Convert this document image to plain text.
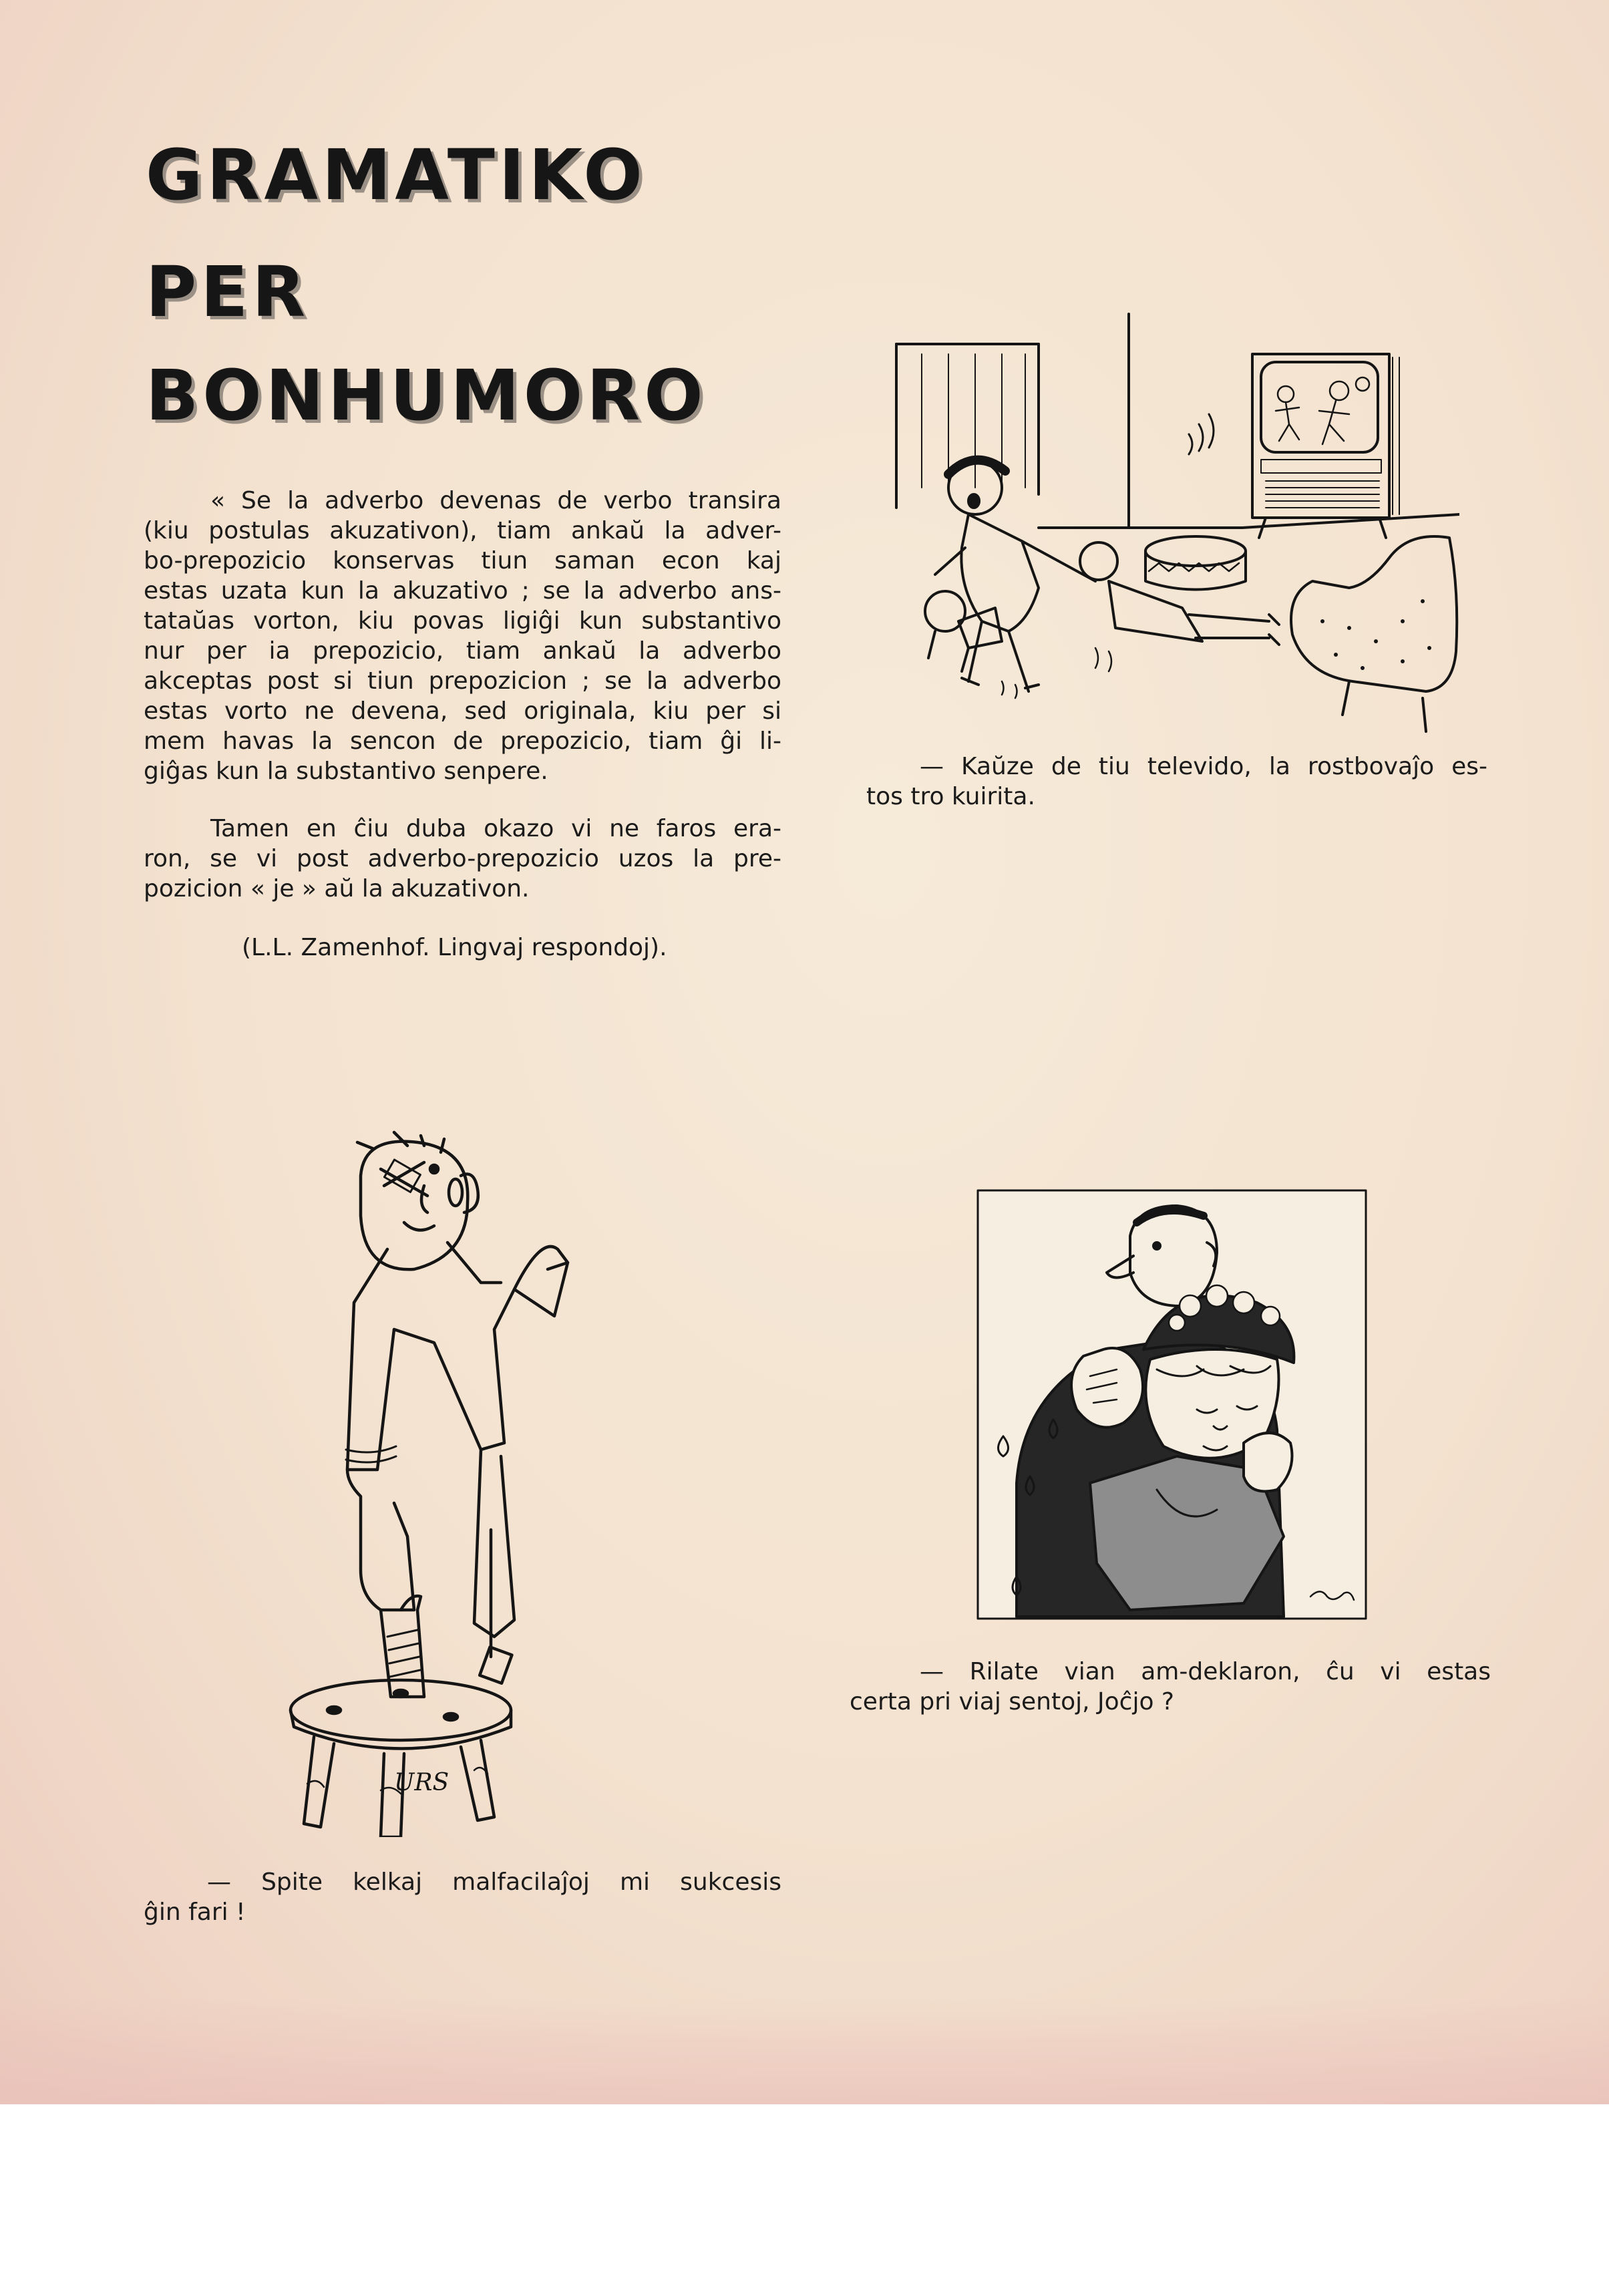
GRAMATIKO
PER
BONHUMORO
« Se la adverbo devenas de verbo transira
(kiu postulas akuzativon), tiam ankaŭ la adver-
bo-prepozicio konservas tiun saman econ kaj
estas uzata kun la akuzativo ; se la adverbo ans-
tataŭas vorton, kiu povas ligiĝi kun substantivo
nur per ia prepozicio, tiam ankaŭ la adverbo
akceptas post si tiun prepozicion ; se la adverbo
estas vorto ne devena, sed originala, kiu per si
mem havas la sencon de prepozicio, tiam ĝi li-
giĝas kun la substantivo senpere.
Tamen en ĉiu duba okazo vi ne faros era-
ron, se vi post adverbo-prepozicio uzos la pre-
pozicion « je » aŭ la akuzativon.

(L.L. Zamenhof. Lingvaj respondoj).

— Kaŭze de tiu televido, la rostbovaĵo es-
tos tro kuirita.
URS
— Spite kelkaj malfacilaĵoj mi sukcesis
ĝin fari !
— Rilate vian am-deklaron, ĉu vi estas
certa pri viaj sentoj, Joĉjo ?
